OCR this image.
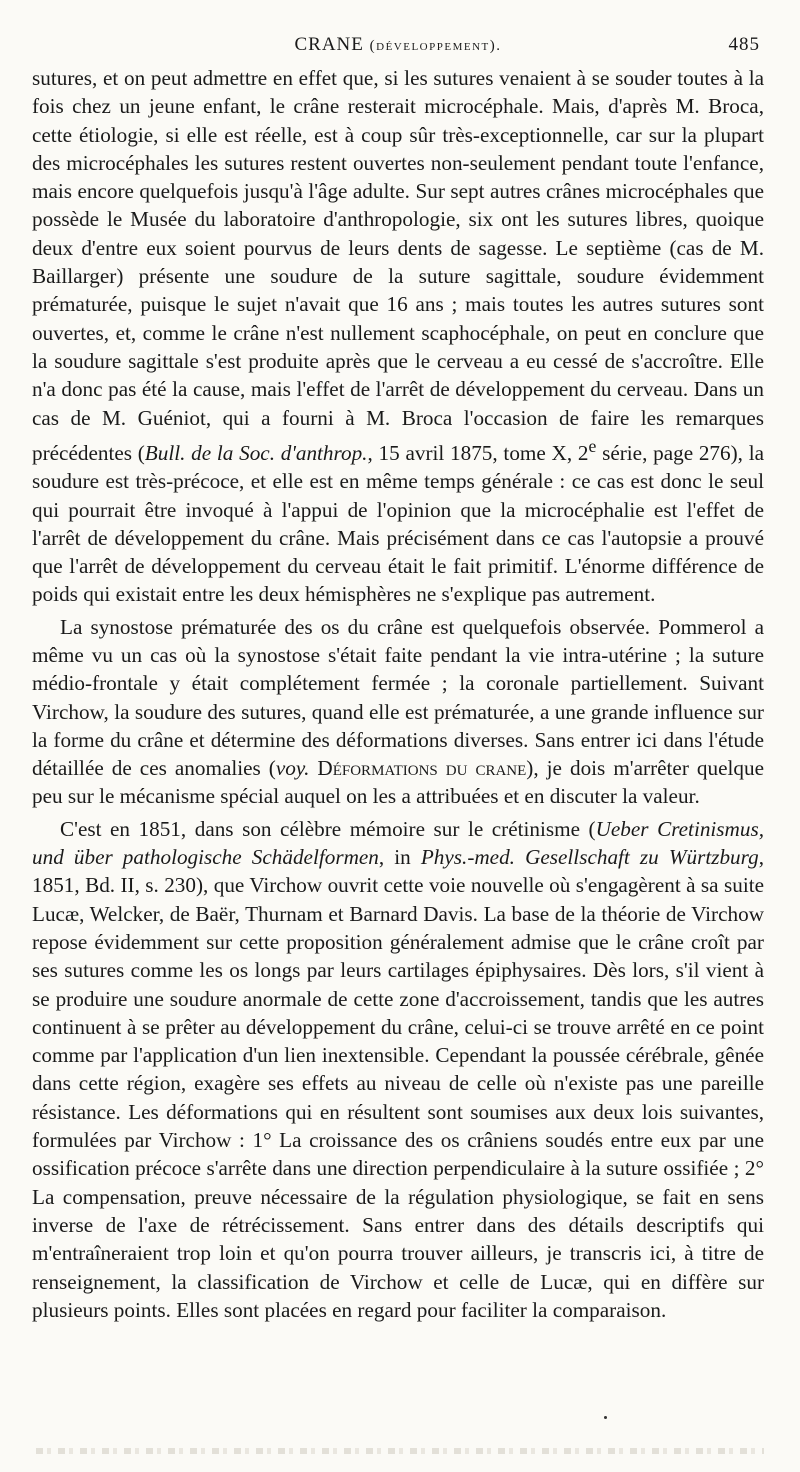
CRANE (développement).	485

sutures, et on peut admettre en effet que, si les sutures venaient à se souder toutes à la fois chez un jeune enfant, le crâne resterait microcéphale. Mais, d'après M. Broca, cette étiologie, si elle est réelle, est à coup sûr très-exceptionnelle, car sur la plupart des microcéphales les sutures restent ouvertes non-seulement pendant toute l'enfance, mais encore quelquefois jusqu'à l'âge adulte. Sur sept autres crânes microcéphales que possède le Musée du laboratoire d'anthropologie, six ont les sutures libres, quoique deux d'entre eux soient pourvus de leurs dents de sagesse. Le septième (cas de M. Baillarger) présente une soudure de la suture sagittale, soudure évidemment prématurée, puisque le sujet n'avait que 16 ans ; mais toutes les autres sutures sont ouvertes, et, comme le crâne n'est nullement scaphocéphale, on peut en conclure que la soudure sagittale s'est produite après que le cerveau a eu cessé de s'accroître. Elle n'a donc pas été la cause, mais l'effet de l'arrêt de développement du cerveau. Dans un cas de M. Guéniot, qui a fourni à M. Broca l'occasion de faire les remarques précédentes (Bull. de la Soc. d'anthrop., 15 avril 1875, tome X, 2e série, page 276), la soudure est très-précoce, et elle est en même temps générale : ce cas est donc le seul qui pourrait être invoqué à l'appui de l'opinion que la microcéphalie est l'effet de l'arrêt de développement du crâne. Mais précisément dans ce cas l'autopsie a prouvé que l'arrêt de développement du cerveau était le fait primitif. L'énorme différence de poids qui existait entre les deux hémisphères ne s'explique pas autrement.

La synostose prématurée des os du crâne est quelquefois observée. Pommerol a même vu un cas où la synostose s'était faite pendant la vie intra-utérine ; la suture médio-frontale y était complétement fermée ; la coronale partiellement. Suivant Virchow, la soudure des sutures, quand elle est prématurée, a une grande influence sur la forme du crâne et détermine des déformations diverses. Sans entrer ici dans l'étude détaillée de ces anomalies (voy. Déformations du crane), je dois m'arrêter quelque peu sur le mécanisme spécial auquel on les a attribuées et en discuter la valeur.

C'est en 1851, dans son célèbre mémoire sur le crétinisme (Ueber Cretinismus, und über pathologische Schädelformen, in Phys.-med. Gesellschaft zu Würtzburg, 1851, Bd. II, s. 230), que Virchow ouvrit cette voie nouvelle où s'engagèrent à sa suite Lucæ, Welcker, de Baër, Thurnam et Barnard Davis. La base de la théorie de Virchow repose évidemment sur cette proposition généralement admise que le crâne croît par ses sutures comme les os longs par leurs cartilages épiphysaires. Dès lors, s'il vient à se produire une soudure anormale de cette zone d'accroissement, tandis que les autres continuent à se prêter au développement du crâne, celui-ci se trouve arrêté en ce point comme par l'application d'un lien inextensible. Cependant la poussée cérébrale, gênée dans cette région, exagère ses effets au niveau de celle où n'existe pas une pareille résistance. Les déformations qui en résultent sont soumises aux deux lois suivantes, formulées par Virchow : 1° La croissance des os crâniens soudés entre eux par une ossification précoce s'arrête dans une direction perpendiculaire à la suture ossifiée ; 2° La compensation, preuve nécessaire de la régulation physiologique, se fait en sens inverse de l'axe de rétrécissement. Sans entrer dans des détails descriptifs qui m'entraîneraient trop loin et qu'on pourra trouver ailleurs, je transcris ici, à titre de renseignement, la classification de Virchow et celle de Lucæ, qui en diffère sur plusieurs points. Elles sont placées en regard pour faciliter la comparaison.
